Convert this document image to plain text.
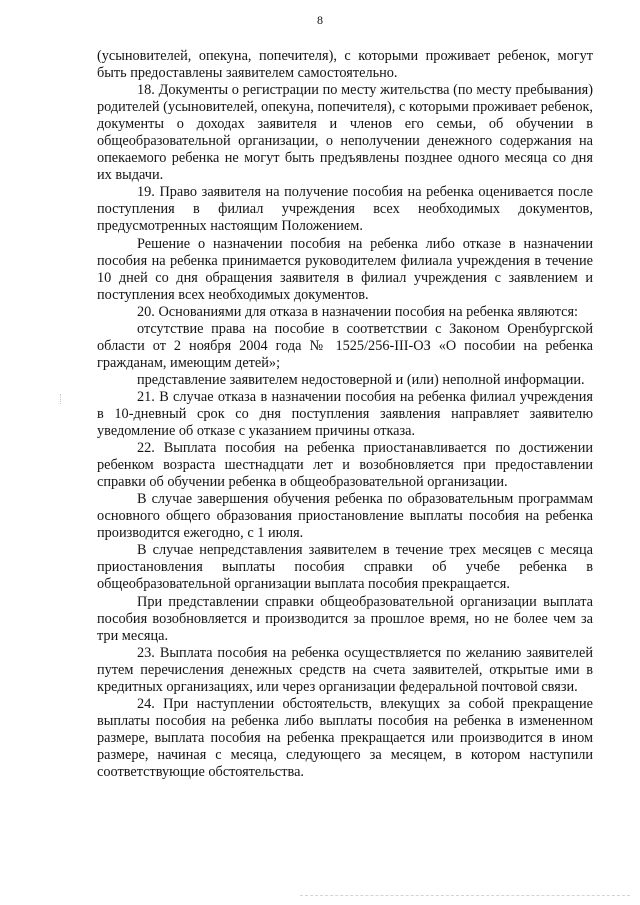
8

(усыновителей, опекуна, попечителя), с которыми проживает ребенок, могут быть предоставлены заявителем самостоятельно.

18. Документы о регистрации по месту жительства (по месту пребывания) родителей (усыновителей, опекуна, попечителя), с которыми проживает ребенок, документы о доходах заявителя и членов его семьи, об обучении в общеобразовательной организации, о неполучении денежного содержания на опекаемого ребенка не могут быть предъявлены позднее одного месяца со дня их выдачи.

19. Право заявителя на получение пособия на ребенка оценивается после поступления в филиал учреждения всех необходимых документов, предусмотренных настоящим Положением.

Решение о назначении пособия на ребенка либо отказе в назначении пособия на ребенка принимается руководителем филиала учреждения в течение 10 дней со дня обращения заявителя в филиал учреждения с заявлением и поступления всех необходимых документов.

20. Основаниями для отказа в назначении пособия на ребенка являются:

отсутствие права на пособие в соответствии с Законом Оренбургской области от 2 ноября 2004 года № 1525/256-III-ОЗ «О пособии на ребенка гражданам, имеющим детей»;

представление заявителем недостоверной и (или) неполной информации.

21. В случае отказа в назначении пособия на ребенка филиал учреждения в 10-дневный срок со дня поступления заявления направляет заявителю уведомление об отказе с указанием причины отказа.

22. Выплата пособия на ребенка приостанавливается по достижении ребенком возраста шестнадцати лет и возобновляется при предоставлении справки об обучении ребенка в общеобразовательной организации.

В случае завершения обучения ребенка по образовательным программам основного общего образования приостановление выплаты пособия на ребенка производится ежегодно, с 1 июля.

В случае непредставления заявителем в течение трех месяцев с месяца приостановления выплаты пособия справки об учебе ребенка в общеобразовательной организации выплата пособия прекращается.

При представлении справки общеобразовательной организации выплата пособия возобновляется и производится за прошлое время, но не более чем за три месяца.

23. Выплата пособия на ребенка осуществляется по желанию заявителей путем перечисления денежных средств на счета заявителей, открытые ими в кредитных организациях, или через организации федеральной почтовой связи.

24. При наступлении обстоятельств, влекущих за собой прекращение выплаты пособия на ребенка либо выплаты пособия на ребенка в измененном размере, выплата пособия на ребенка прекращается или производится в ином размере, начиная с месяца, следующего за месяцем, в котором наступили соответствующие обстоятельства.
